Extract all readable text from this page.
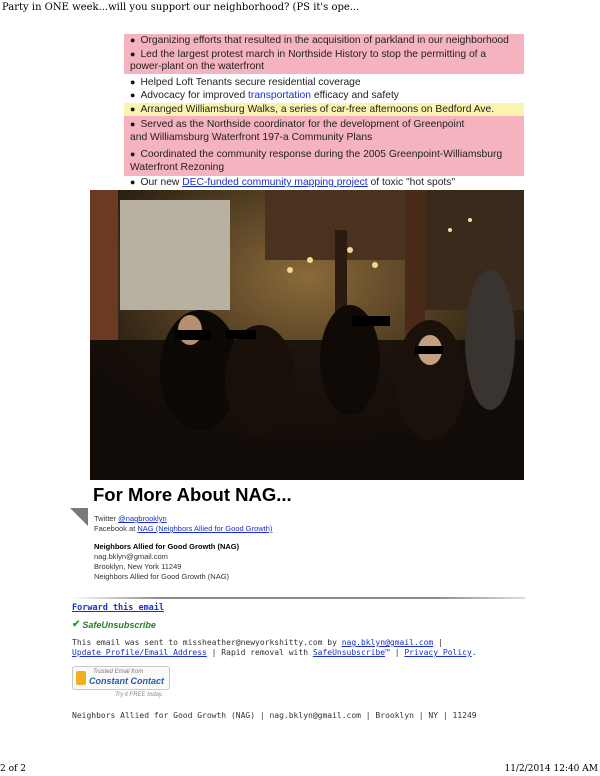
Party in ONE week...will you support our neighborhood? (PS it's ope...
● Organizing efforts that resulted in the acquisition of parkland in our neighborhood
● Led the largest protest march in Northside History to stop the permitting of a
power-plant on the waterfront
● Helped Loft Tenants secure residential coverage
● Advocacy for improved transportation efficacy and safety
● Arranged Williamsburg Walks, a series of car-free afternoons on Bedford Ave.
● Served as the Northside coordinator for the development of Greenpoint
and Williamsburg Waterfront 197-a Community Plans
● Coordinated the community response during the 2005 Greenpoint-Williamsburg
Waterfront Rezoning
● Our new DEC-funded community mapping project of toxic "hot spots"
For More About NAG...
Twitter @nagbrooklyn
Facebook at NAG (Neighbors Allied for Good Growth)
Neighbors Allied for Good Growth (NAG)
nag.bklyn@gmail.com
Brooklyn, New York 11249
Neighbors Allied for Good Growth (NAG)
Forward this email
✔ SafeUnsubscribe
This email was sent to missheather@newyorkshitty.com by nag.bklyn@gmail.com |
Update Profile/Email Address | Rapid removal with SafeUnsubscribe™ | Privacy Policy.
Trusted Email from
Constant Contact
Try it FREE today.
Neighbors Allied for Good Growth (NAG) | nag.bklyn@gmail.com | Brooklyn | NY | 11249
2 of 2	11/2/2014 12:40 AM
